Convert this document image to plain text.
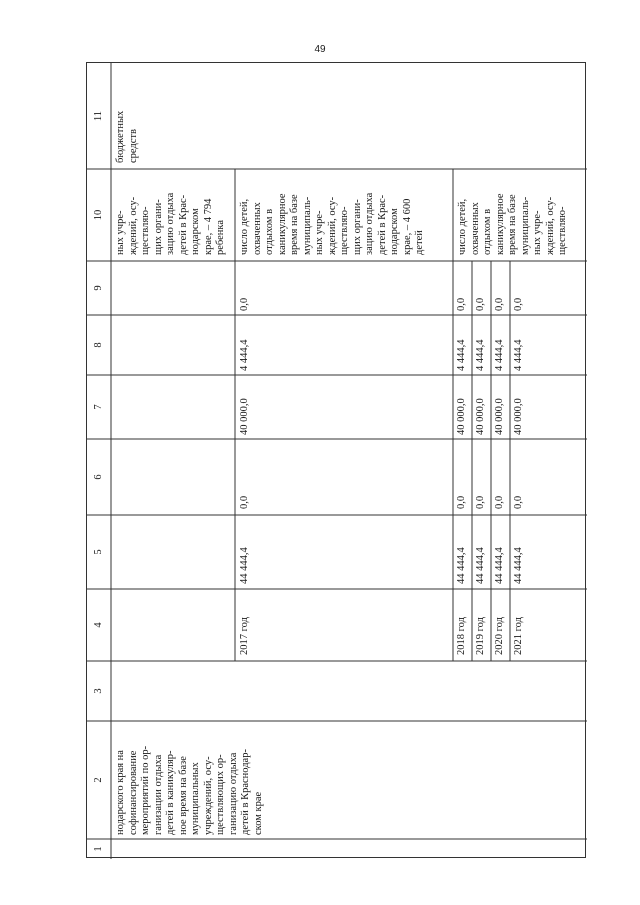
49
1
2
3
4
5
6
7
8
9
10
11
нодарского края на софинансирование мероприятий по ор- ганизации отдыха детей в каникуляр- ное время на базе муниципальных учреждений, осу- ществляющих ор- ганизацию отдыха детей в Краснодар- ском крае
ных учре- ждений, осу- ществляю- щих органи- зацию отдыха детей в Крас- нодарском крае, – 4 794 ребенка
бюджетных средств
2017 год
44 444,4
0,0
40 000,0
4 444,4
0,0
число детей, охваченных отдыхом в каникулярное время на базе муниципаль- ных учре- ждений, осу- ществляю- щих органи- зацию отдыха детей в Крас- нодарском крае, – 4 600 детей
2018 год
44 444,4
0,0
40 000,0
4 444,4
0,0
2019 год
44 444,4
0,0
40 000,0
4 444,4
0,0
2020 год
44 444,4
0,0
40 000,0
4 444,4
0,0
2021 год
44 444,4
0,0
40 000,0
4 444,4
0,0
число детей, охваченных отдыхом в каникулярное время на базе муниципаль- ных учре- ждений, осу- ществляю-
